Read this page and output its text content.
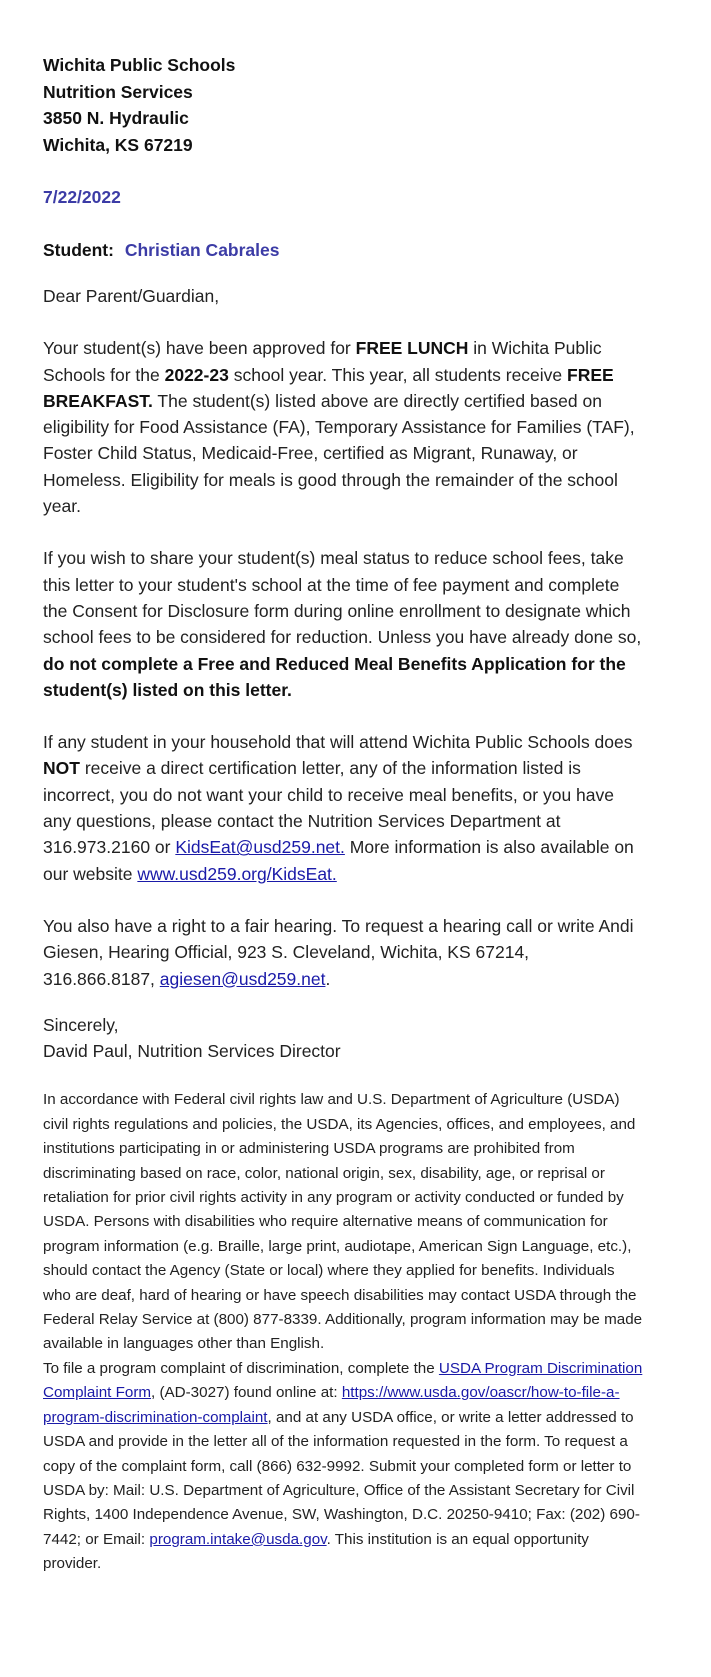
Wichita Public Schools
Nutrition Services
3850 N. Hydraulic
Wichita, KS 67219
7/22/2022
Student: Christian Cabrales

Dear Parent/Guardian,

Your student(s) have been approved for FREE LUNCH in Wichita Public Schools for the 2022-23 school year. This year, all students receive FREE BREAKFAST. The student(s) listed above are directly certified based on eligibility for Food Assistance (FA), Temporary Assistance for Families (TAF), Foster Child Status, Medicaid-Free, certified as Migrant, Runaway, or Homeless. Eligibility for meals is good through the remainder of the school year.

If you wish to share your student(s) meal status to reduce school fees, take this letter to your student's school at the time of fee payment and complete the Consent for Disclosure form during online enrollment to designate which school fees to be considered for reduction. Unless you have already done so, do not complete a Free and Reduced Meal Benefits Application for the student(s) listed on this letter.

If any student in your household that will attend Wichita Public Schools does NOT receive a direct certification letter, any of the information listed is incorrect, you do not want your child to receive meal benefits, or you have any questions, please contact the Nutrition Services Department at 316.973.2160 or KidsEat@usd259.net. More information is also available on our website www.usd259.org/KidsEat.

You also have a right to a fair hearing. To request a hearing call or write Andi Giesen, Hearing Official, 923 S. Cleveland, Wichita, KS 67214, 316.866.8187, agiesen@usd259.net.

Sincerely,
David Paul, Nutrition Services Director

In accordance with Federal civil rights law and U.S. Department of Agriculture (USDA) civil rights regulations and policies, the USDA, its Agencies, offices, and employees, and institutions participating in or administering USDA programs are prohibited from discriminating based on race, color, national origin, sex, disability, age, or reprisal or retaliation for prior civil rights activity in any program or activity conducted or funded by USDA. Persons with disabilities who require alternative means of communication for program information (e.g. Braille, large print, audiotape, American Sign Language, etc.), should contact the Agency (State or local) where they applied for benefits. Individuals who are deaf, hard of hearing or have speech disabilities may contact USDA through the Federal Relay Service at (800) 877-8339. Additionally, program information may be made available in languages other than English.

To file a program complaint of discrimination, complete the USDA Program Discrimination Complaint Form, (AD-3027) found online at: https://www.usda.gov/oascr/how-to-file-a-program-discrimination-complaint, and at any USDA office, or write a letter addressed to USDA and provide in the letter all of the information requested in the form. To request a copy of the complaint form, call (866) 632-9992. Submit your completed form or letter to USDA by: Mail: U.S. Department of Agriculture, Office of the Assistant Secretary for Civil Rights, 1400 Independence Avenue, SW, Washington, D.C. 20250-9410; Fax: (202) 690-7442; or Email: program.intake@usda.gov. This institution is an equal opportunity provider.
